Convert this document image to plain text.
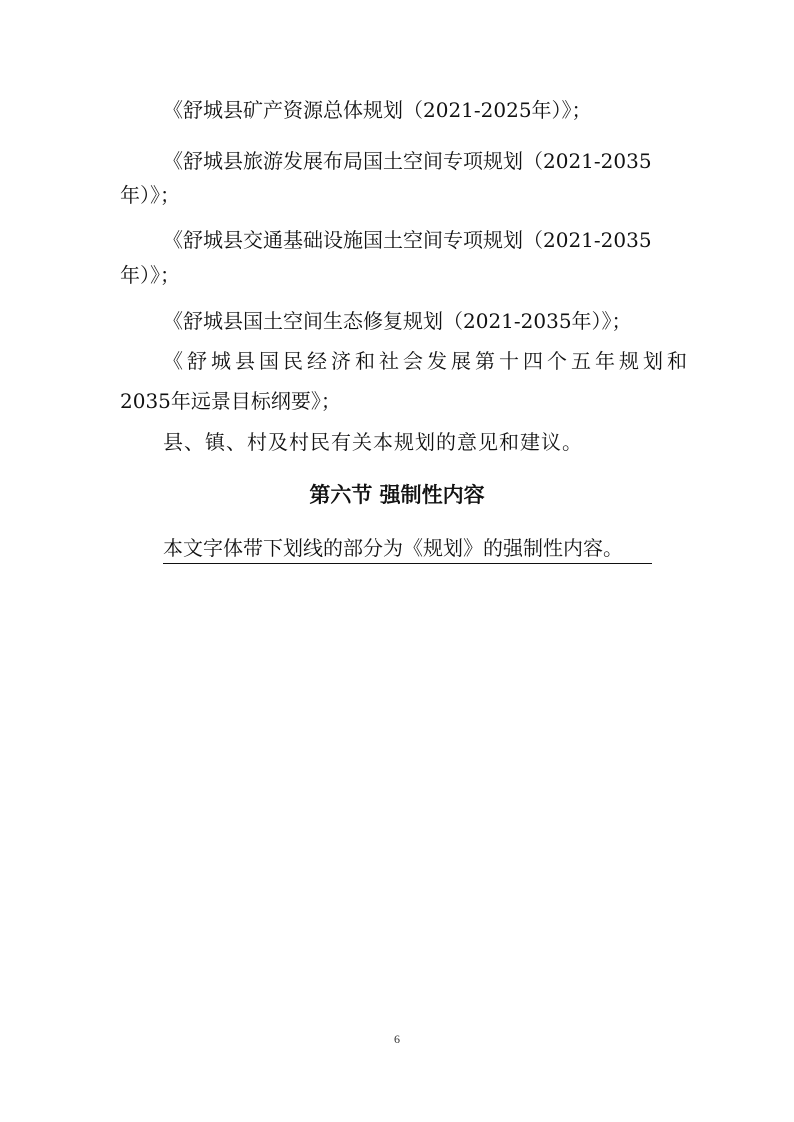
《舒城县矿产资源总体规划（2021-2025年）》；
《舒城县旅游发展布局国土空间专项规划（2021-2035
年）》；
《舒城县交通基础设施国土空间专项规划（2021-2035
年）》；
《舒城县国土空间生态修复规划（2021-2035年）》；
《舒城县国民经济和社会发展第十四个五年规划和
2035年远景目标纲要》；
县、镇、村及村民有关本规划的意见和建议。
第六节 强制性内容
本文字体带下划线的部分为《规划》的强制性内容。
6
